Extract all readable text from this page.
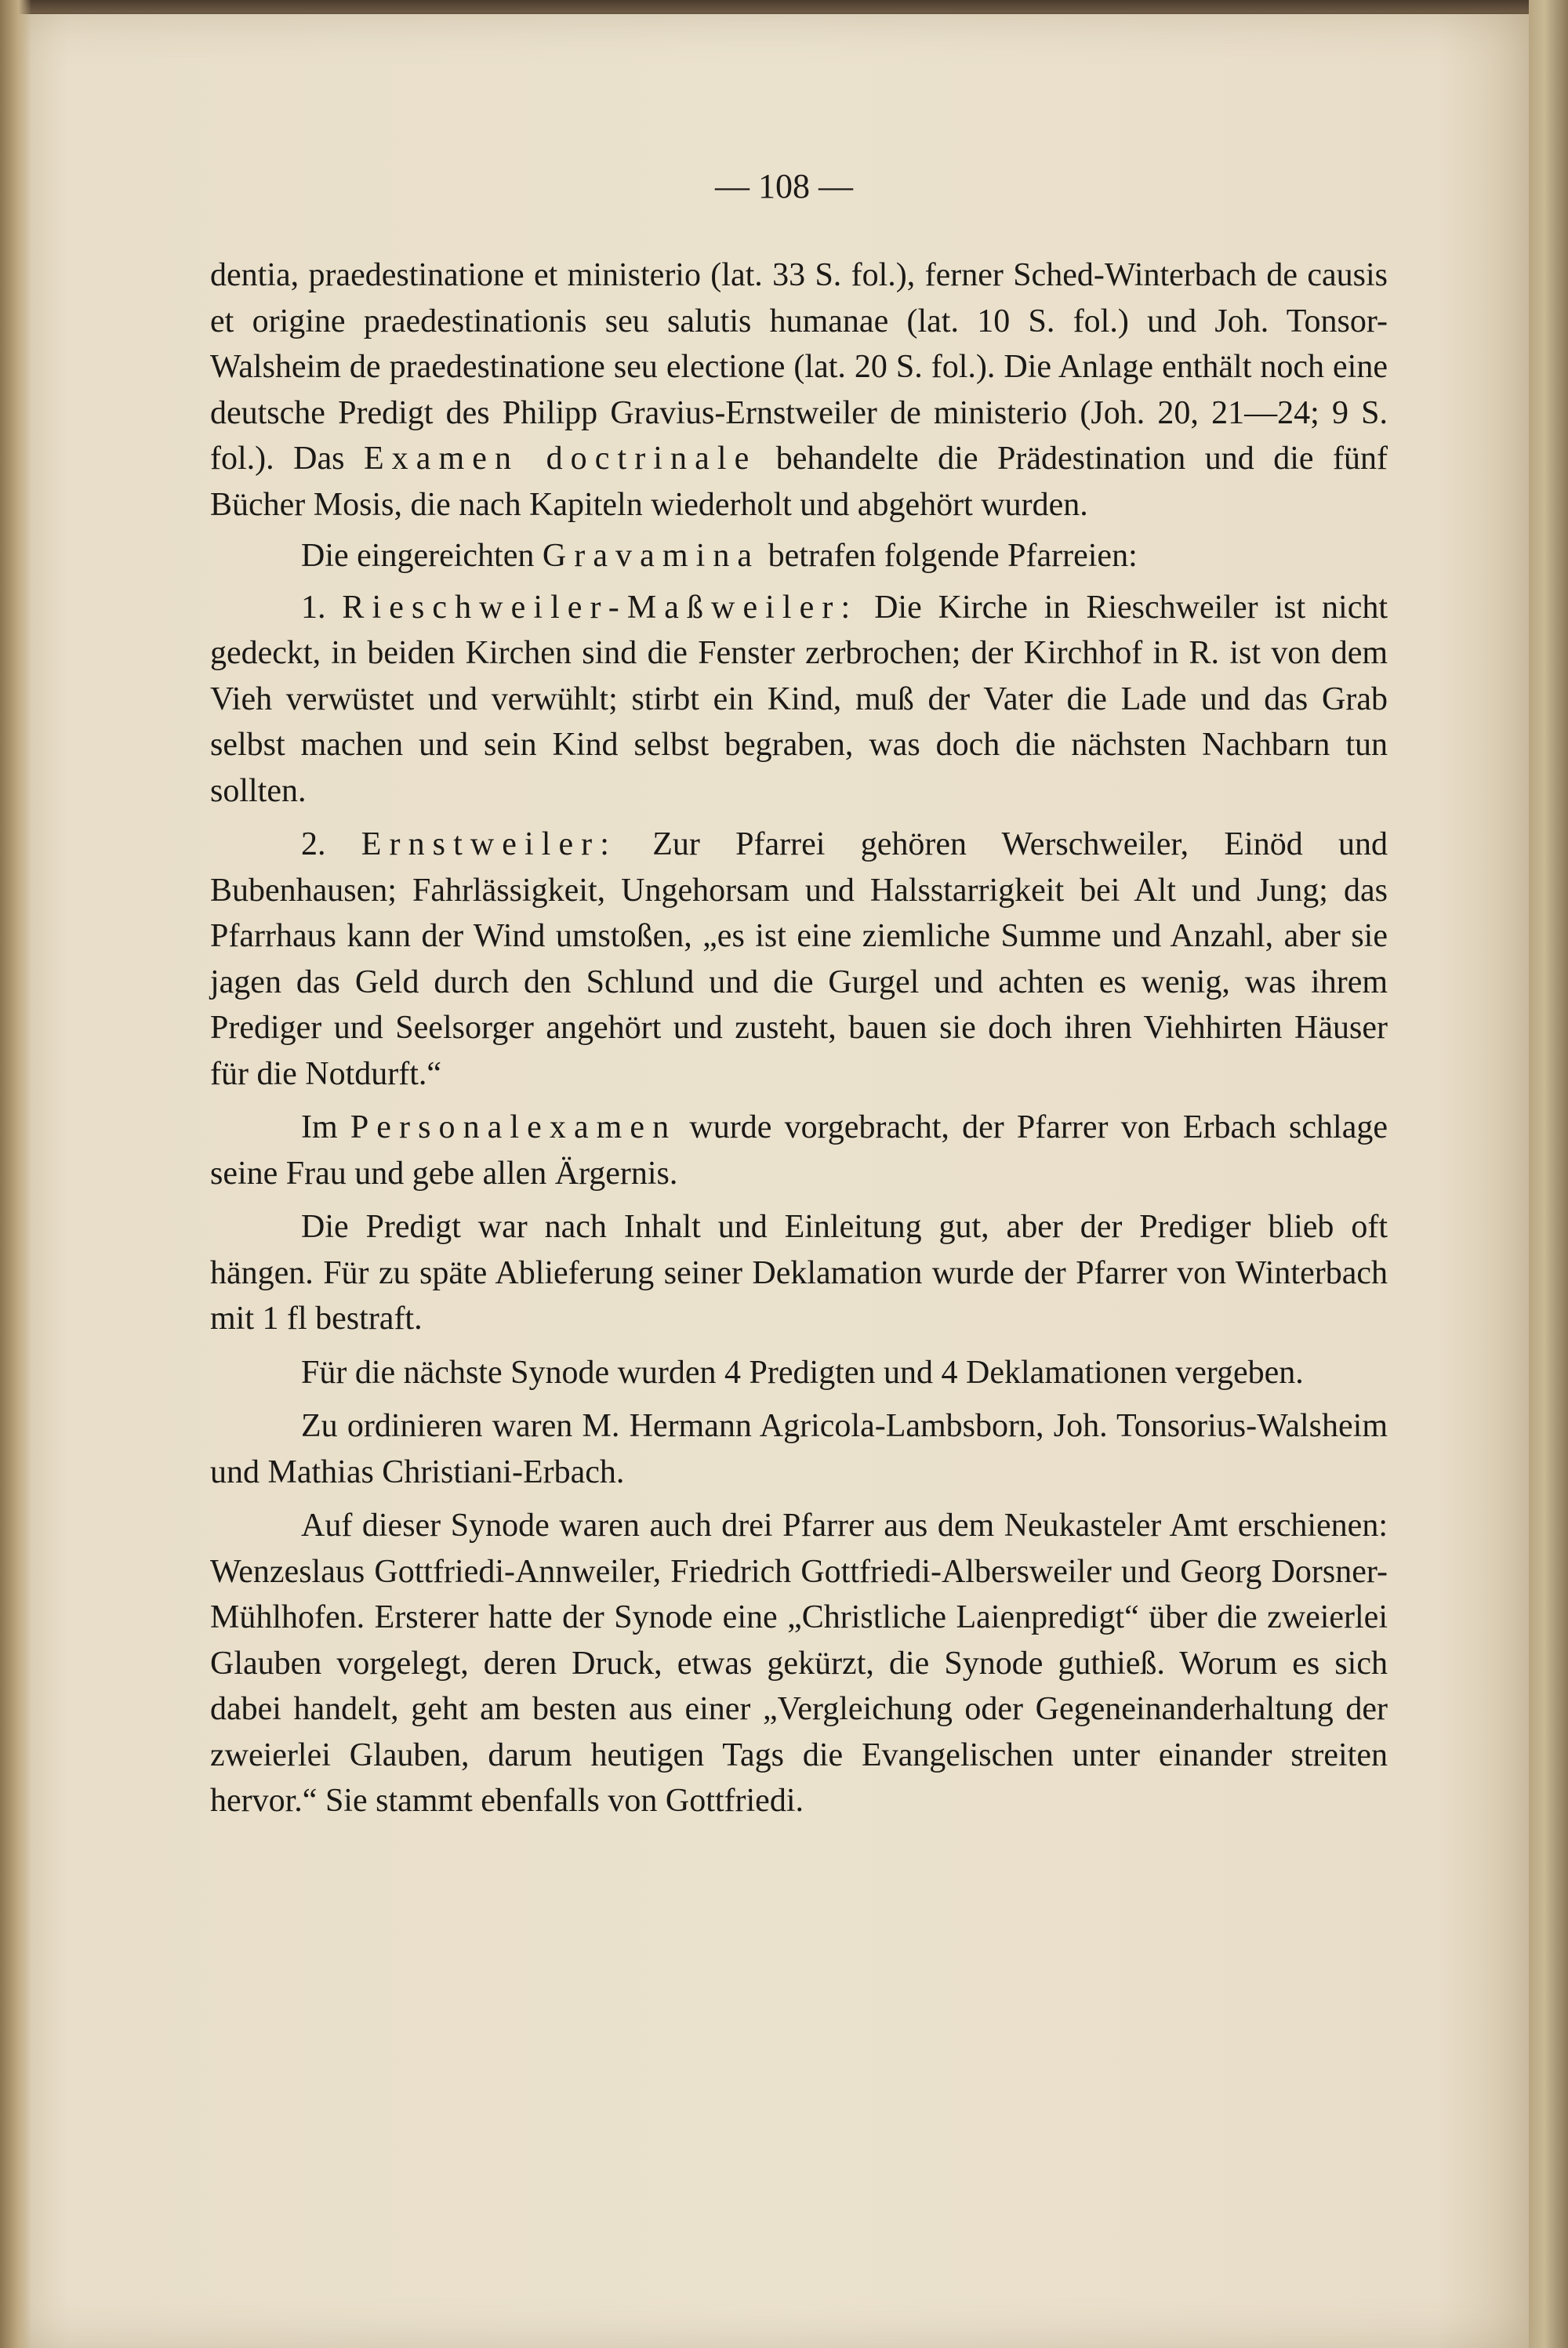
— 108 —

dentia, praedestinatione et ministerio (lat. 33 S. fol.), ferner Sched-Winterbach de causis et origine praedestinationis seu salutis humanae (lat. 10 S. fol.) und Joh. Tonsor-Walsheim de praedestinatione seu electione (lat. 20 S. fol.). Die Anlage enthält noch eine deutsche Predigt des Philipp Gravius-Ernstweiler de ministerio (Joh. 20, 21—24; 9 S. fol.). Das Examen doctrinale behandelte die Prädestination und die fünf Bücher Mosis, die nach Kapiteln wiederholt und abgehört wurden.

Die eingereichten Gravamina betrafen folgende Pfarreien:

1. Rieschweiler-Maßweiler: Die Kirche in Rieschweiler ist nicht gedeckt, in beiden Kirchen sind die Fenster zerbrochen; der Kirchhof in R. ist von dem Vieh verwüstet und verwühlt; stirbt ein Kind, muß der Vater die Lade und das Grab selbst machen und sein Kind selbst begraben, was doch die nächsten Nachbarn tun sollten.

2. Ernstweiler: Zur Pfarrei gehören Werschweiler, Einöd und Bubenhausen; Fahrlässigkeit, Ungehorsam und Halsstarrigkeit bei Alt und Jung; das Pfarrhaus kann der Wind umstoßen, „es ist eine ziemliche Summe und Anzahl, aber sie jagen das Geld durch den Schlund und die Gurgel und achten es wenig, was ihrem Prediger und Seelsorger angehört und zusteht, bauen sie doch ihren Viehhirten Häuser für die Notdurft.“

Im Personalexamen wurde vorgebracht, der Pfarrer von Erbach schlage seine Frau und gebe allen Ärgernis.

Die Predigt war nach Inhalt und Einleitung gut, aber der Prediger blieb oft hängen. Für zu späte Ablieferung seiner Deklamation wurde der Pfarrer von Winterbach mit 1 fl bestraft.

Für die nächste Synode wurden 4 Predigten und 4 Deklamationen vergeben.

Zu ordinieren waren M. Hermann Agricola-Lambsborn, Joh. Tonsorius-Walsheim und Mathias Christiani-Erbach.

Auf dieser Synode waren auch drei Pfarrer aus dem Neukasteler Amt erschienen: Wenzeslaus Gottfriedi-Annweiler, Friedrich Gottfriedi-Albersweiler und Georg Dorsner-Mühlhofen. Ersterer hatte der Synode eine „Christliche Laienpredigt“ über die zweierlei Glauben vorgelegt, deren Druck, etwas gekürzt, die Synode guthieß. Worum es sich dabei handelt, geht am besten aus einer „Vergleichung oder Gegeneinanderhaltung der zweierlei Glauben, darum heutigen Tags die Evangelischen unter einander streiten hervor.“ Sie stammt ebenfalls von Gottfriedi.
